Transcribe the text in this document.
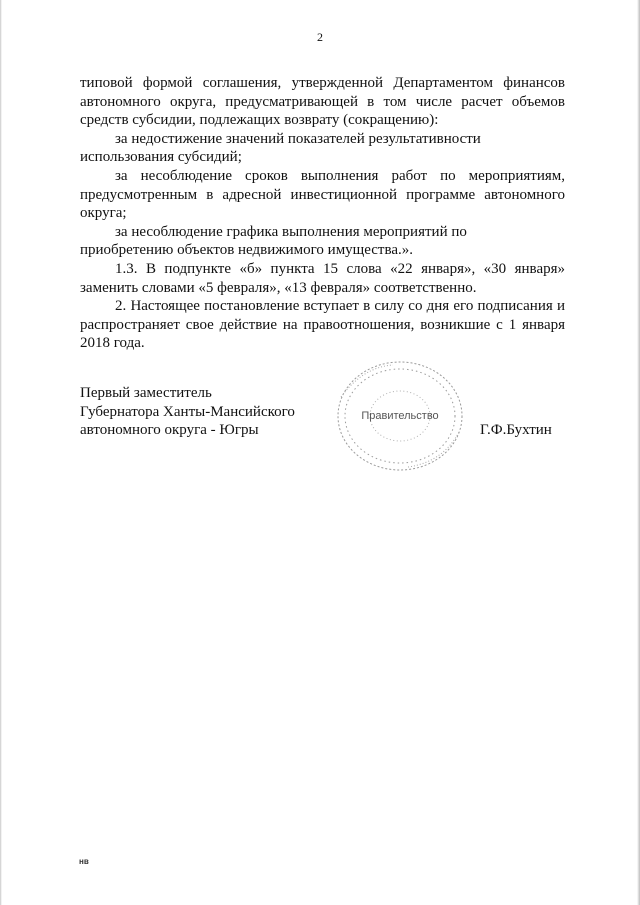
2

типовой формой соглашения, утвержденной Департаментом финансов автономного округа, предусматривающей в том числе расчет объемов средств субсидии, подлежащих возврату (сокращению):

за недостижение значений показателей результативности

использования субсидий;

за несоблюдение сроков выполнения работ по мероприятиям, предусмотренным в адресной инвестиционной программе автономного округа;

за несоблюдение графика выполнения мероприятий по

приобретению объектов недвижимого имущества.».

1.3. В подпункте «б» пункта 15 слова «22 января», «30 января» заменить словами «5 февраля», «13 февраля» соответственно.

2. Настоящее постановление вступает в силу со дня его подписания и распространяет свое действие на правоотношения, возникшие с 1 января 2018 года.

Первый заместитель
Губернатора Ханты-Мансийского
автономного округа - Югры
Правительство
Г.Ф.Бухтин
нв
